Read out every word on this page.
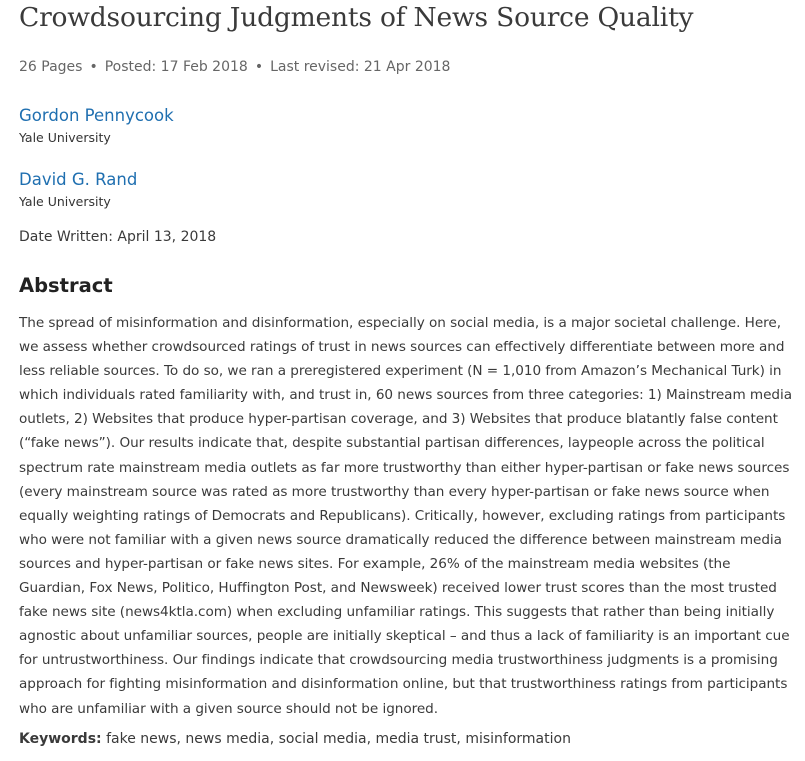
Crowdsourcing Judgments of News Source Quality
26 Pages • Posted: 17 Feb 2018 • Last revised: 21 Apr 2018
Gordon Pennycook
Yale University
David G. Rand
Yale University
Date Written: April 13, 2018
Abstract

The spread of misinformation and disinformation, especially on social media, is a major societal challenge. Here, we assess whether crowdsourced ratings of trust in news sources can effectively differentiate between more and less reliable sources. To do so, we ran a preregistered experiment (N = 1,010 from Amazon’s Mechanical Turk) in which individuals rated familiarity with, and trust in, 60 news sources from three categories: 1) Mainstream media outlets, 2) Websites that produce hyper-partisan coverage, and 3) Websites that produce blatantly false content (“fake news”). Our results indicate that, despite substantial partisan differences, laypeople across the political spectrum rate mainstream media outlets as far more trustworthy than either hyper-partisan or fake news sources (every mainstream source was rated as more trustworthy than every hyper-partisan or fake news source when equally weighting ratings of Democrats and Republicans). Critically, however, excluding ratings from participants who were not familiar with a given news source dramatically reduced the difference between mainstream media sources and hyper-partisan or fake news sites. For example, 26% of the mainstream media websites (the Guardian, Fox News, Politico, Huffington Post, and Newsweek) received lower trust scores than the most trusted fake news site (news4ktla.com) when excluding unfamiliar ratings. This suggests that rather than being initially agnostic about unfamiliar sources, people are initially skeptical – and thus a lack of familiarity is an important cue for untrustworthiness. Our findings indicate that crowdsourcing media trustworthiness judgments is a promising approach for fighting misinformation and disinformation online, but that trustworthiness ratings from participants who are unfamiliar with a given source should not be ignored.

Keywords: fake news, news media, social media, media trust, misinformation
